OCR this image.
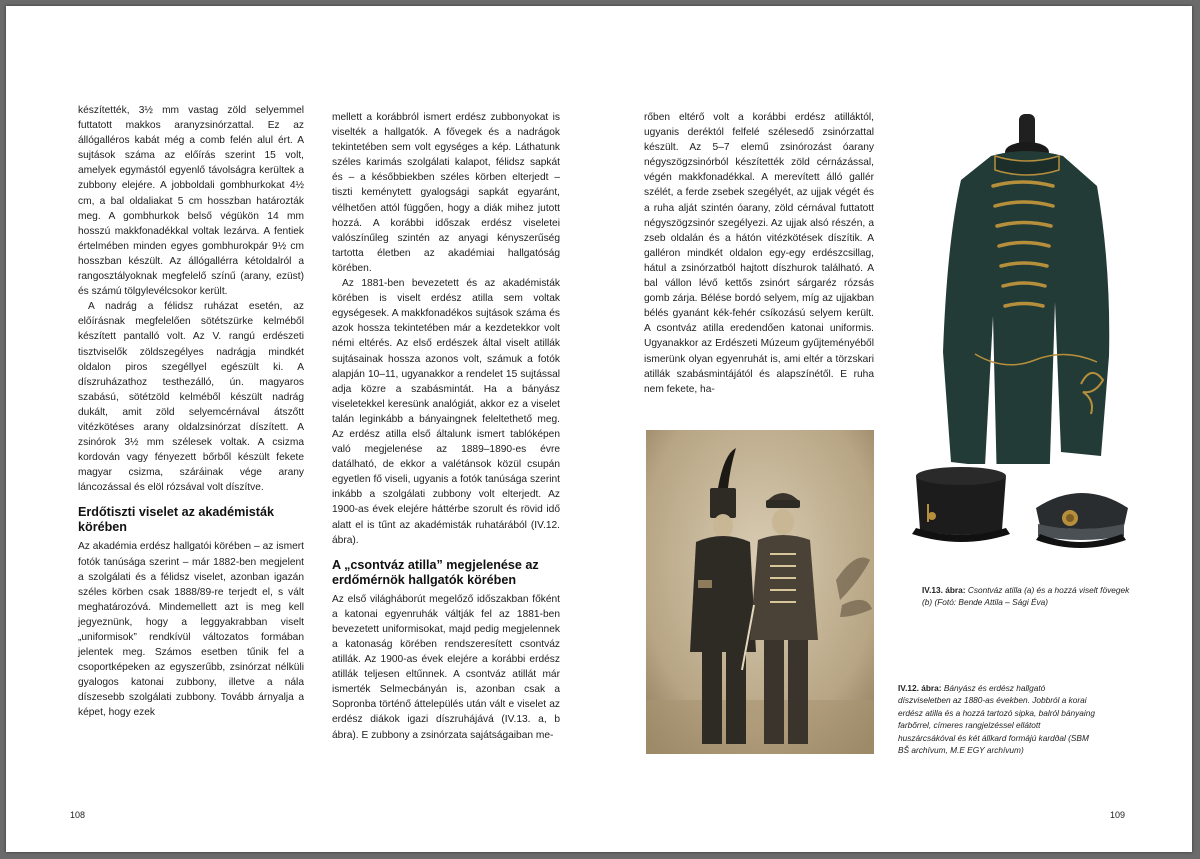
készítették, 3½ mm vastag zöld selyemmel futtatott makkos aranyzsinórzattal. Ez az állógalléros kabát még a comb felén alul ért. A sujtások száma az előírás szerint 15 volt, amelyek egymástól egyenlő távolságra kerültek a zubbony elejére. A jobboldali gombhurkokat 4½ cm, a bal oldaliakat 5 cm hosszban határozták meg. A gombhurkok belső végükön 14 mm hosszú makkfonadékkal voltak lezárva. A fentiek értelmében minden egyes gombhurokpár 9½ cm hosszban készült. Az állógallérra kétoldalról a rangosztályoknak megfelelő színű (arany, ezüst) és számú tölgylevélcsokor került.

A nadrág a félidsz ruházat esetén, az előírásnak megfelelően sötétszürke kelméből készített pantalló volt. Az V. rangú erdészeti tisztviselők zöldszegélyes nadrágja mindkét oldalon piros szegéllyel egészült ki. A díszruházathoz testhezálló, ún. magyaros szabású, sötétzöld kelméből készült nadrág dukált, amit zöld selyemcérnával átszőtt vitézkötéses arany oldalzsinórzat díszített. A zsinórok 3½ mm szélesek voltak. A csizma kordován vagy fényezett bőrből készült fekete magyar csizma, száráinak vége arany láncozással és elöl rózsával volt díszítve.

Erdőtiszti viselet az akadémisták körében

Az akadémia erdész hallgatói körében – az ismert fotók tanúsága szerint – már 1882-ben megjelent a szolgálati és a félidsz viselet, azonban igazán széles körben csak 1888/89-re terjedt el, s vált meghatározóvá. Mindemellett azt is meg kell jegyeznünk, hogy a leggyakrabban viselt „uniformisok” rendkívül változatos formában jelentek meg. Számos esetben tűnik fel a csoportképeken az egyszerűbb, zsinórzat nélküli gyalogos katonai zubbony, illetve a nála díszesebb szolgálati zubbony. Tovább árnyalja a képet, hogy ezek

mellett a korábbról ismert erdész zubbonyokat is viselték a hallgatók. A fővegek és a nadrágok tekintetében sem volt egységes a kép. Láthatunk széles karimás szolgálati kalapot, félidsz sapkát és – a későbbiekben széles körben elterjedt – tiszti keménytett gyalogsági sapkát egyaránt, vélhetően attól függően, hogy a diák mihez jutott hozzá. A korábbi időszak erdész viseletei valószínűleg szintén az anyagi kényszerűség tartotta életben az akadémiai hallgatóság körében.

Az 1881-ben bevezetett és az akadémisták körében is viselt erdész atilla sem voltak egységesek. A makkfonadékos sujtások száma és azok hossza tekintetében már a kezdetekkor volt némi eltérés. Az első erdészek által viselt atillák sujtásainak hossza azonos volt, számuk a fotók alapján 10–11, ugyanakkor a rendelet 15 sujtással adja közre a szabásmintát. Ha a bányász viseletekkel keresünk analógiát, akkor ez a viselet talán leginkább a bányaingnek feleltethető meg. Az erdész atilla első általunk ismert tablóképen való megjelenése az 1889–1890-es évre datálható, de ekkor a valétánsok közül csupán egyetlen fő viseli, ugyanis a fotók tanúsága szerint inkább a szolgálati zubbony volt elterjedt. Az 1900-as évek elejére háttérbe szorult és rövid idő alatt el is tűnt az akadémisták ruhatárából (IV.12. ábra).

A „csontváz atilla” megjelenése az erdőmérnök hallgatók körében

Az első világháborút megelőző időszakban főként a katonai egyenruhák váltják fel az 1881-ben bevezetett uniformisokat, majd pedig megjelennek a katonaság körében rendszeresített csontváz atillák. Az 1900-as évek elejére a korábbi erdész atillák teljesen eltűnnek. A csontváz atillát már ismerték Selmecbányán is, azonban csak a Sopronba történő áttelepülés után vált e viselet az erdész diákok igazi díszruhájává (IV.13. a, b ábra). E zubbony a zsinórzata sajátságaiban me-

rőben eltérő volt a korábbi erdész atilláktól, ugyanis deréktól felfelé szélesedő zsinórzattal készült. Az 5–7 elemű zsinórozást óarany négyszögzsinórból készítették zöld cérnázással, végén makkfonadékkal. A merevített álló gallér szélét, a ferde zsebek szegélyét, az ujjak végét és a ruha alját szintén óarany, zöld cérnával futtatott négyszögzsinór szegélyezi. Az ujjak alsó részén, a zseb oldalán és a hátón vitézkötések díszítik. A galléron mindkét oldalon egy-egy erdészcsillag, hátul a zsinórzatból hajtott díszhurok található. A bal vállon lévő kettős zsinórt sárgaréz rózsás gomb zárja. Bélése bordó selyem, míg az ujjakban bélés gyanánt kék-fehér csíkozású selyem került. A csontváz atilla eredendően katonai uniformis. Ugyanakkor az Erdészeti Múzeum gyűjteményéből ismerünk olyan egyenruhát is, ami eltér a törzskari atillák szabásmintájától és alapszínétől. E ruha nem fekete, ha-

IV.13. ábra: Csontváz atilla (a) és a hozzá viselt fövegek (b) (Fotó: Bende Attila – Sági Éva)
IV.12. ábra: Bányász és erdész hallgató díszviseletben az 1880-as években. Jobbról a korai erdész atilla és a hozzá tartozó sipka, balról bányaing farbőrrel, címeres rangjelzéssel ellátott huszárcsákóval és két állkard formájú kardдal (SBM BŠ archívum, M.E EGY archívum)
108	109
